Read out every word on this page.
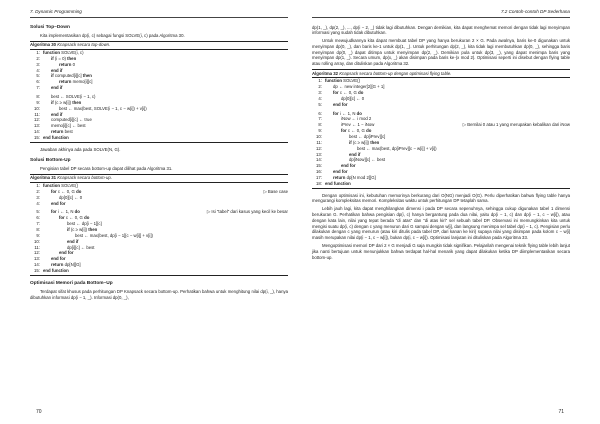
7. Dynamic Programming
Solusi Top–Down

Kita implementasikan dp(i, c) sebagai fungsi SOLVE(i, c) pada Algoritma 30.

Algoritma 30 Knapsack secara top-down.
1: function SOLVE(i, c)
2:	if (i = 0) then
3:	return 0
4:	end if
5:	if computed[i][c] then
6:	return memo[i][c]
7:	end if
8:	best ← SOLVE(i − 1, c)
9:	if (c ≥ w[i]) then
10:	best ← max(best, SOLVE(i − 1, c − w[i]) + v[i])
11:	end if
12:	computed[i][c] ← true
13:	memo[i][c] ← best
14:	return best
15: end function

Jawaban akhinya ada pada SOLVE(N, G).

Solusi Bottom-Up

Pengisian tabel DP secara bottom-up dapat dilihat pada Algoritma 31.

Algoritma 31 Knapsack secara bottom-up.
1: function SOLVE()
2:	for c ← 0, G do	▷ Base case
3:	dp[0][c] ← 0
4:	end for
5:	for i ← 1, N do	▷ Isi "tabel" dari kasus yang kecil ke besar
6:	for c ← 0, G do
7:	best ← dp[i − 1][c]
8:	if (c ≥ w[i]) then
9:	best ← max(best, dp[i − 1][c − w[i]] + v[i])
10:	end if
11:	dp[i][c] ← best
12:	end for
13:	end for
14:	return dp[N][G]
15: end function
Optimisasi Memori pada Bottom–Up

Terdapat sifat khusus pada perhitungan DP Knapsack secara bottom-up. Perhatikan bahwa untuk menghitung nilai dp(i, _), hanya dibutuhkan informasi dp(i − 1, _). Informasi dp(0, _),

70
7.2 Contoh-contoh DP Sederhana

dp(1, _), dp(2, _), ..., dp(i − 2, _) tidak lagi dibutuhkan. Dengan demikian, kita dapat menghemat memori dengan tidak lagi menyimpan informasi yang sudah tidak dibutuhkan.

Untuk mewujudkannya kita dapat membuat tabel DP yang hanya berukuran 2 × G. Pada awalnya, baris ke-0 digunakan untuk menyimpan dp(0, _), dan baris ke-1 untuk dp(1, _). Untuk perhitungan dp(2, _), kita tidak lagi membutuhkan dp(0, _), sehingga baris menyimpan dp(0, _) dapat ditimpa untuk menyimpan dp(2, _). Demikian pula untuk dp(3, _), yang dapat menimpa baris yang menyimpan dp(1, _). Secara umum, dp(x, _) akan disimpan pada baris ke-(x mod 2). Optimisasi seperti ini disebut dengan flying table atau rolling array, dan dituliskan pada Algoritma 32.

Algoritma 32 Knapsack secara bottom-up dengan optimisasi flying table.
1: function SOLVE()
2:	dp ← new integer[2][G + 1]
3:	for c ← 0, G do
4:	dp[0][c] ← 0
5:	end for
6:	for i ← 1, N do
7:	iNow ← i mod 2
8:	iPrev ← 1 − iNow	▷ Bernilai 0 atau 1 yang merupakan kebalikan dari iNow
9:	for c ← 0, G do
10:	best ← dp[iPrev][c]
11:	if (c ≥ w[i]) then
12:	best ← max(best, dp[iPrev][c − w[i]] + v[i])
13:	end if
14:	dp[iNow][c] ← best
15:	end for
16:	end for
17:	return dp[N mod 2][G]
18: end function

Dengan optimisasi ini, kebutuhan memorinya berkurang dari O(NG) menjadi O(G). Perlu diperhatikan bahwa flying table hanya mengurangi kompleksitas memori. Kompleksitas waktu untuk perhitungan DP tetaplah sama.

Lebih jauh lagi, kita dapat menghilangkan dimensi i pada DP secara sepenuhnya, sehingga cukup digunakan tabel 1 dimensi berukuran G. Perhatikan bahwa pengisian dp(i, c) hanya bergantung pada dua nilai, yaitu dp(i − 1, c) dan dp(i − 1, c − w[i]), atau dengan kata lain, nilai yang tepat berada "di atas" dan "di atas kiri" sel sebuah tabel DP. Observasi ini memungkinkan kita untuk mengisi suatu dp(i, c) dengan c yang menurun dari G sampai dengan w[i], dan langsung menimpa sel tabel dp(i − 1, c). Pengisian perlu dilakukan dengan c yang menurun (atau kiri ditulis pada tabel DP, dari kanan ke kiri) supaya nilai yang disimpan pada kolom c − w[i] masih merupakan nilai dp(i − 1, c − w[i]), bukan dp(i, c − w[i]). Optimisasi lanjutan ini dituliskan pada Algoritma 33.

Mengoptimisasi memori DP dari 2 × G menjadi G saja mungkin tidak signifikan. Pelajarilah mengenai teknik flying table lebih lanjut jika nanti bertujuan untuk menunjukkan bahwa terdapat hal-hal menarik yang dapat dilakukan ketika DP diimplementasikan secara bottom-up.

71
